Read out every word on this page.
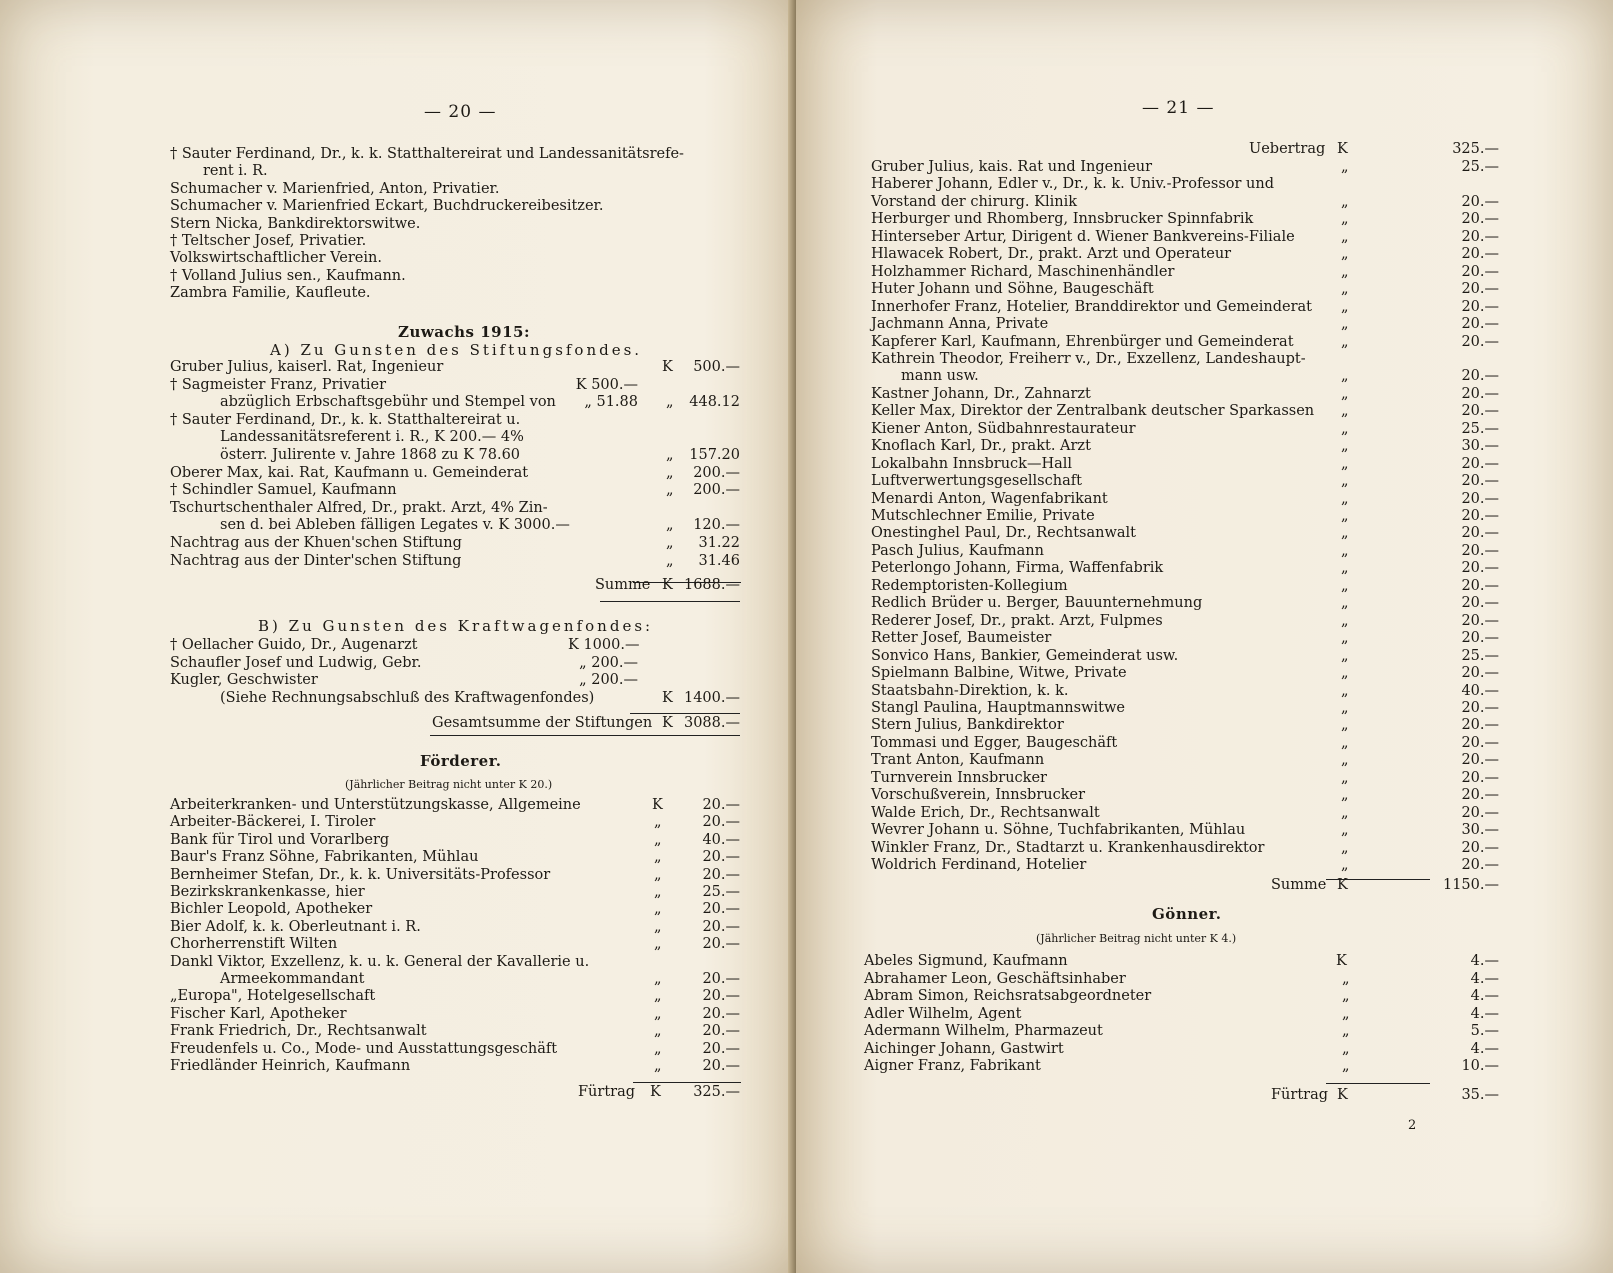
— 20 —
† Sauter Ferdinand, Dr., k. k. Statthaltereirat und Landessanitätsrefe-
rent i. R.
Schumacher v. Marienfried, Anton, Privatier.
Schumacher v. Marienfried Eckart, Buchdruckereibesitzer.
Stern Nicka, Bankdirektorswitwe.
† Teltscher Josef, Privatier.
Volkswirtschaftlicher Verein.
† Volland Julius sen., Kaufmann.
Zambra Familie, Kaufleute.
Zuwachs 1915:
A) Zu Gunsten des Stiftungsfondes.
Gruber Julius, kaiserl. Rat, Ingenieur	K	500.—
† Sagmeister Franz, Privatier	K 500.—
abzüglich Erbschaftsgebühr und Stempel von	„ 51.88 „	448.12
† Sauter Ferdinand, Dr., k. k. Statthaltereirat u.
Landessanitätsreferent i. R., K 200.— 4%
österr. Julirente v. Jahre 1868 zu K 78.60	„	157.20
Oberer Max, kai. Rat, Kaufmann u. Gemeinderat	„	200.—
† Schindler Samuel, Kaufmann	„	200.—
Tschurtschenthaler Alfred, Dr., prakt. Arzt, 4% Zin-
sen d. bei Ableben fälligen Legates v. K 3000.—	„	120.—
Nachtrag aus der Khuen'schen Stiftung	„	31.22
Nachtrag aus der Dinter'schen Stiftung	„	31.46
Summe K 1688.—
B) Zu Gunsten des Kraftwagenfondes:
† Oellacher Guido, Dr., Augenarzt	K 1000.—
Schaufler Josef und Ludwig, Gebr.	„ 200.—
Kugler, Geschwister	„ 200.—
(Siehe Rechnungsabschluß des Kraftwagenfondes)	K 1400.—
Gesamtsumme der Stiftungen K 3088.—
Förderer.
(Jährlicher Beitrag nicht unter K 20.)
Arbeiterkranken- und Unterstützungskasse, Allgemeine	K	20.—
Arbeiter-Bäckerei, I. Tiroler	„	20.—
Bank für Tirol und Vorarlberg	„	40.—
Baur's Franz Söhne, Fabrikanten, Mühlau	„	20.—
Bernheimer Stefan, Dr., k. k. Universitäts-Professor	„	20.—
Bezirkskrankenkasse, hier	„	25.—
Bichler Leopold, Apotheker	„	20.—
Bier Adolf, k. k. Oberleutnant i. R.	„	20.—
Chorherrenstift Wilten	„	20.—
Dankl Viktor, Exzellenz, k. u. k. General der Kavallerie u.
Armeekommandant	„	20.—
„Europa", Hotelgesellschaft	„	20.—
Fischer Karl, Apotheker	„	20.—
Frank Friedrich, Dr., Rechtsanwalt	„	20.—
Freudenfels u. Co., Mode- und Ausstattungsgeschäft	„	20.—
Friedländer Heinrich, Kaufmann	„	20.—
Fürtrag K	325.—
— 21 —
Uebertrag K	325.—
Gruber Julius, kais. Rat und Ingenieur	„	25.—
Haberer Johann, Edler v., Dr., k. k. Univ.-Professor und
Vorstand der chirurg. Klinik	„	20.—
Herburger und Rhomberg, Innsbrucker Spinnfabrik	„	20.—
Hinterseber Artur, Dirigent d. Wiener Bankvereins-Filiale	„	20.—
Hlawacek Robert, Dr., prakt. Arzt und Operateur	„	20.—
Holzhammer Richard, Maschinenhändler	„	20.—
Huter Johann und Söhne, Baugeschäft	„	20.—
Innerhofer Franz, Hotelier, Branddirektor und Gemeinderat „	20.—
Jachmann Anna, Private	„	20.—
Kapferer Karl, Kaufmann, Ehrenbürger und Gemeinderat	„	20.—
Kathrein Theodor, Freiherr v., Dr., Exzellenz, Landeshaupt-
mann usw.	„	20.—
Kastner Johann, Dr., Zahnarzt	„	20.—
Keller Max, Direktor der Zentralbank deutscher Sparkassen „	20.—
Kiener Anton, Südbahnrestaurateur	„	25.—
Knoflach Karl, Dr., prakt. Arzt	„	30.—
Lokalbahn Innsbruck—Hall	„	20.—
Luftverwertungsgesellschaft	„	20.—
Menardi Anton, Wagenfabrikant	„	20.—
Mutschlechner Emilie, Private	„	20.—
Onestinghel Paul, Dr., Rechtsanwalt	„	20.—
Pasch Julius, Kaufmann	„	20.—
Peterlongo Johann, Firma, Waffenfabrik	„	20.—
Redemptoristen-Kollegium	„	20.—
Redlich Brüder u. Berger, Bauunternehmung	„	20.—
Rederer Josef, Dr., prakt. Arzt, Fulpmes	„	20.—
Retter Josef, Baumeister	„	20.—
Sonvico Hans, Bankier, Gemeinderat usw.	„	25.—
Spielmann Balbine, Witwe, Private	„	20.—
Staatsbahn-Direktion, k. k.	„	40.—
Stangl Paulina, Hauptmannswitwe	„	20.—
Stern Julius, Bankdirektor	„	20.—
Tommasi und Egger, Baugeschäft	„	20.—
Trant Anton, Kaufmann	„	20.—
Turnverein Innsbrucker	„	20.—
Vorschußverein, Innsbrucker	„	20.—
Walde Erich, Dr., Rechtsanwalt	„	20.—
Wevrer Johann u. Söhne, Tuchfabrikanten, Mühlau	„	30.—
Winkler Franz, Dr., Stadtarzt u. Krankenhausdirektor	„	20.—
Woldrich Ferdinand, Hotelier	„	20.—
Summe K	1150.—
Gönner.
(Jährlicher Beitrag nicht unter K 4.)
Abeles Sigmund, Kaufmann	K	4.—
Abrahamer Leon, Geschäftsinhaber	„	4.—
Abram Simon, Reichsratsabgeordneter	„	4.—
Adler Wilhelm, Agent	„	4.—
Adermann Wilhelm, Pharmazeut	„	5.—
Aichinger Johann, Gastwirt	„	4.—
Aigner Franz, Fabrikant	„	10.—
Fürtrag K	35.—
2
